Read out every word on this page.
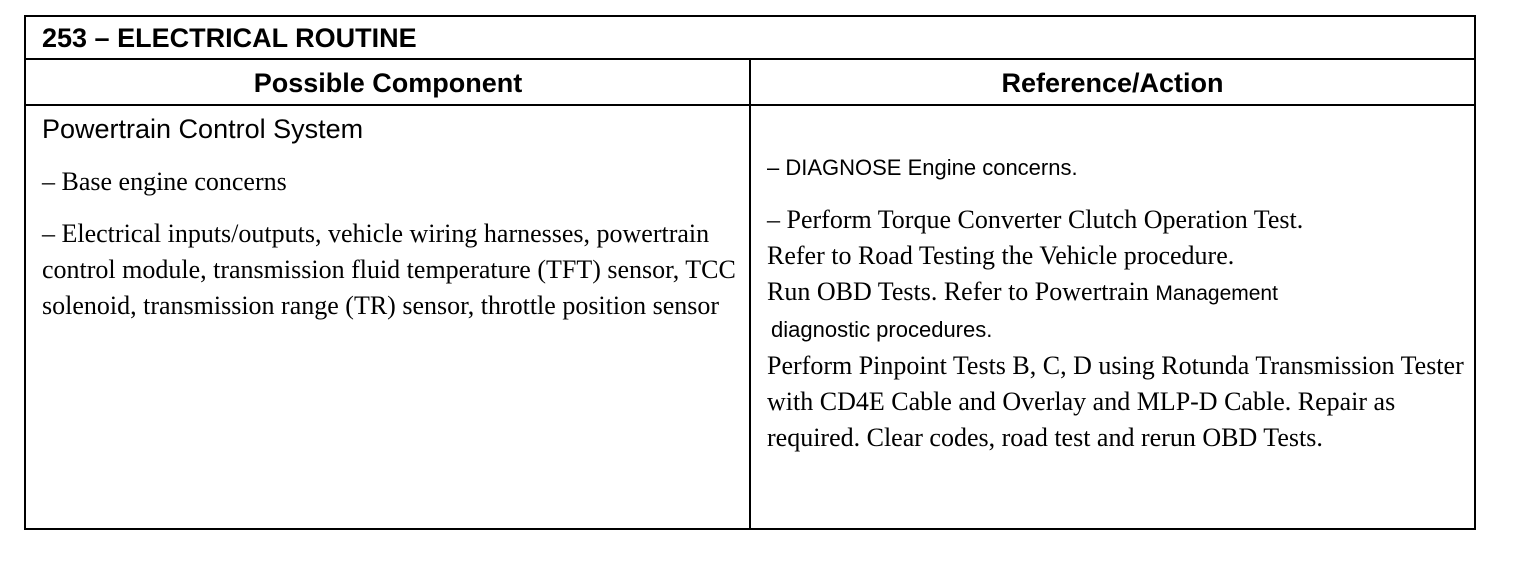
253 – ELECTRICAL ROUTINE
Possible Component	Reference/Action
Powertrain Control System
– Base engine concerns
– Electrical inputs/outputs, vehicle wiring harnesses, powertrain control module, transmission fluid temperature (TFT) sensor, TCC solenoid, transmission range (TR) sensor, throttle position sensor
– DIAGNOSE Engine concerns.
– Perform Torque Converter Clutch Operation Test.
Refer to Road Testing the Vehicle procedure.
Run OBD Tests. Refer to Powertrain Management
diagnostic procedures.
Perform Pinpoint Tests B, C, D using Rotunda Transmission Tester with CD4E Cable and Overlay and MLP-D Cable. Repair as required. Clear codes, road test and rerun OBD Tests.
